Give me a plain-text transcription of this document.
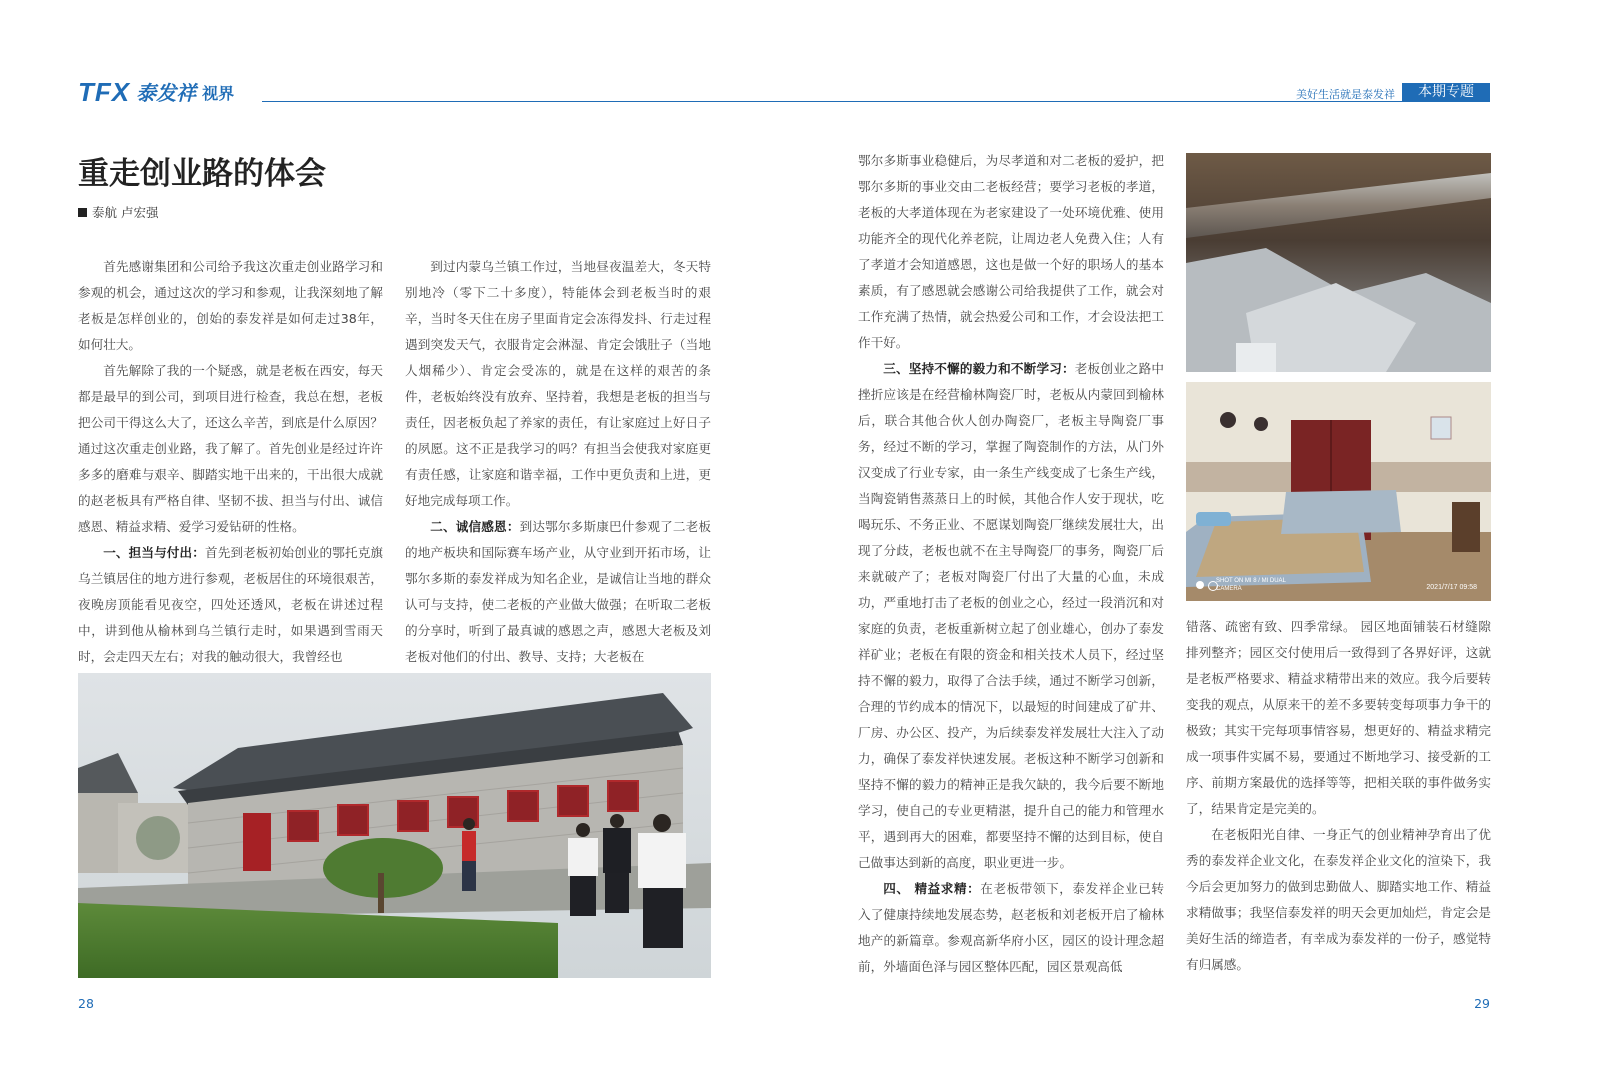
TFX 泰发祥 视界	美好生活就是泰发祥	本期专题
重走创业路的体会
泰航 卢宏强

首先感谢集团和公司给予我这次重走创业路学习和参观的机会，通过这次的学习和参观，让我深刻地了解老板是怎样创业的，创始的泰发祥是如何走过38年，如何壮大。

首先解除了我的一个疑惑，就是老板在西安，每天都是最早的到公司，到项目进行检查，我总在想，老板把公司干得这么大了，还这么辛苦，到底是什么原因？通过这次重走创业路，我了解了。首先创业是经过许许多多的磨难与艰辛、脚踏实地干出来的，干出很大成就的赵老板具有严格自律、坚韧不拔、担当与付出、诚信感恩、精益求精、爱学习爱钻研的性格。

一、担当与付出：首先到老板初始创业的鄂托克旗乌兰镇居住的地方进行参观，老板居住的环境很艰苦，夜晚房顶能看见夜空，四处还透风，老板在讲述过程中，讲到他从榆林到乌兰镇行走时，如果遇到雪雨天时，会走四天左右；对我的触动很大，我曾经也

到过内蒙乌兰镇工作过，当地昼夜温差大，冬天特别地冷（零下二十多度），特能体会到老板当时的艰辛，当时冬天住在房子里面肯定会冻得发抖、行走过程遇到突发天气，衣服肯定会淋湿、肯定会饿肚子（当地人烟稀少）、肯定会受冻的，就是在这样的艰苦的条件，老板始终没有放弃、坚持着，我想是老板的担当与责任，因老板负起了养家的责任，有让家庭过上好日子的夙愿。这不正是我学习的吗？有担当会使我对家庭更有责任感，让家庭和谐幸福，工作中更负责和上进，更好地完成每项工作。

二、诚信感恩：到达鄂尔多斯康巴什参观了二老板的地产板块和国际赛车场产业，从守业到开拓市场，让鄂尔多斯的泰发祥成为知名企业，是诚信让当地的群众认可与支持，使二老板的产业做大做强；在听取二老板的分享时，听到了最真诚的感恩之声，感恩大老板及刘老板对他们的付出、教导、支持；大老板在

鄂尔多斯事业稳健后，为尽孝道和对二老板的爱护，把鄂尔多斯的事业交由二老板经营；要学习老板的孝道，老板的大孝道体现在为老家建设了一处环境优雅、使用功能齐全的现代化养老院，让周边老人免费入住；人有了孝道才会知道感恩，这也是做一个好的职场人的基本素质，有了感恩就会感谢公司给我提供了工作，就会对工作充满了热情，就会热爱公司和工作，才会设法把工作干好。

三、坚持不懈的毅力和不断学习：老板创业之路中挫折应该是在经营榆林陶瓷厂时，老板从内蒙回到榆林后，联合其他合伙人创办陶瓷厂，老板主导陶瓷厂事务，经过不断的学习，掌握了陶瓷制作的方法，从门外汉变成了行业专家，由一条生产线变成了七条生产线，当陶瓷销售蒸蒸日上的时候，其他合作人安于现状，吃喝玩乐、不务正业、不愿谋划陶瓷厂继续发展壮大，出现了分歧，老板也就不在主导陶瓷厂的事务，陶瓷厂后来就破产了；老板对陶瓷厂付出了大量的心血，未成功，严重地打击了老板的创业之心，经过一段消沉和对家庭的负责，老板重新树立起了创业雄心，创办了泰发祥矿业；老板在有限的资金和相关技术人员下，经过坚持不懈的毅力，取得了合法手续，通过不断学习创新，合理的节约成本的情况下，以最短的时间建成了矿井、厂房、办公区、投产，为后续泰发祥发展壮大注入了动力，确保了泰发祥快速发展。老板这种不断学习创新和坚持不懈的毅力的精神正是我欠缺的，我今后要不断地学习，使自己的专业更精湛，提升自己的能力和管理水平，遇到再大的困难，都要坚持不懈的达到目标，使自己做事达到新的高度，职业更进一步。

四、 精益求精：在老板带领下，泰发祥企业已转入了健康持续地发展态势，赵老板和刘老板开启了榆林地产的新篇章。参观高新华府小区，园区的设计理念超前，外墙面色泽与园区整体匹配，园区景观高低

错落、疏密有致、四季常绿。 园区地面铺装石材缝隙排列整齐；园区交付使用后一致得到了各界好评，这就是老板严格要求、精益求精带出来的效应。我今后要转变我的观点，从原来干的差不多要转变每项事力争干的极致；其实干完每项事情容易，想更好的、精益求精完成一项事件实属不易，要通过不断地学习、接受新的工序、前期方案最优的选择等等，把相关联的事件做务实了，结果肯定是完美的。

在老板阳光自律、一身正气的创业精神孕育出了优秀的泰发祥企业文化，在泰发祥企业文化的渲染下，我今后会更加努力的做到忠勤做人、脚踏实地工作、精益求精做事；我坚信泰发祥的明天会更加灿烂，肯定会是美好生活的缔造者，有幸成为泰发祥的一份子，感觉特有归属感。

SHOT ON MI 8 / MI DUAL CAMERA	2021/7/17 09:58
28	29
